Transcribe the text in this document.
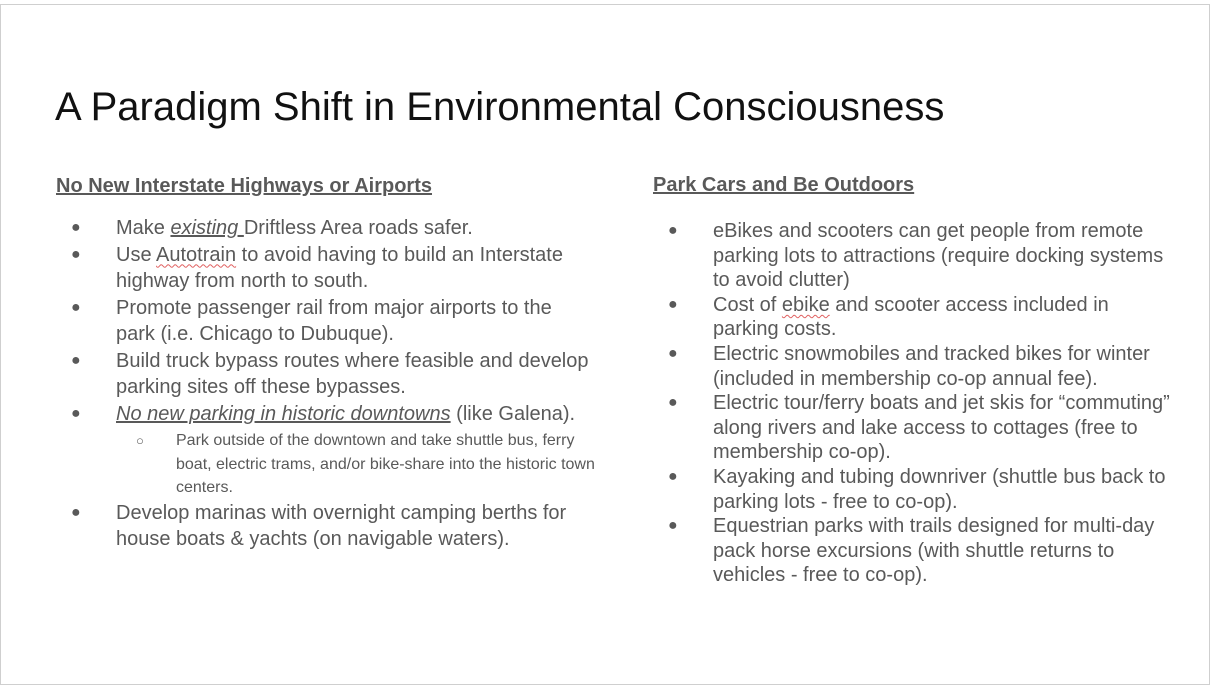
A Paradigm Shift in Environmental Consciousness

No New Interstate Highways or Airports

● Make existing Driftless Area roads safer.
● Use Autotrain to avoid having to build an Interstate highway from north to south.
● Promote passenger rail from major airports to the park (i.e. Chicago to Dubuque).
● Build truck bypass routes where feasible and develop parking sites off these bypasses.
● No new parking in historic downtowns (like Galena).
○ Park outside of the downtown and take shuttle bus, ferry boat, electric trams, and/or bike-share into the historic town centers.
● Develop marinas with overnight camping berths for house boats & yachts (on navigable waters).

Park Cars and Be Outdoors

● eBikes and scooters can get people from remote parking lots to attractions (require docking systems to avoid clutter)
● Cost of ebike and scooter access included in parking costs.
● Electric snowmobiles and tracked bikes for winter (included in membership co-op annual fee).
● Electric tour/ferry boats and jet skis for “commuting” along rivers and lake access to cottages (free to membership co-op).
● Kayaking and tubing downriver (shuttle bus back to parking lots - free to co-op).
● Equestrian parks with trails designed for multi-day pack horse excursions (with shuttle returns to vehicles - free to co-op).
